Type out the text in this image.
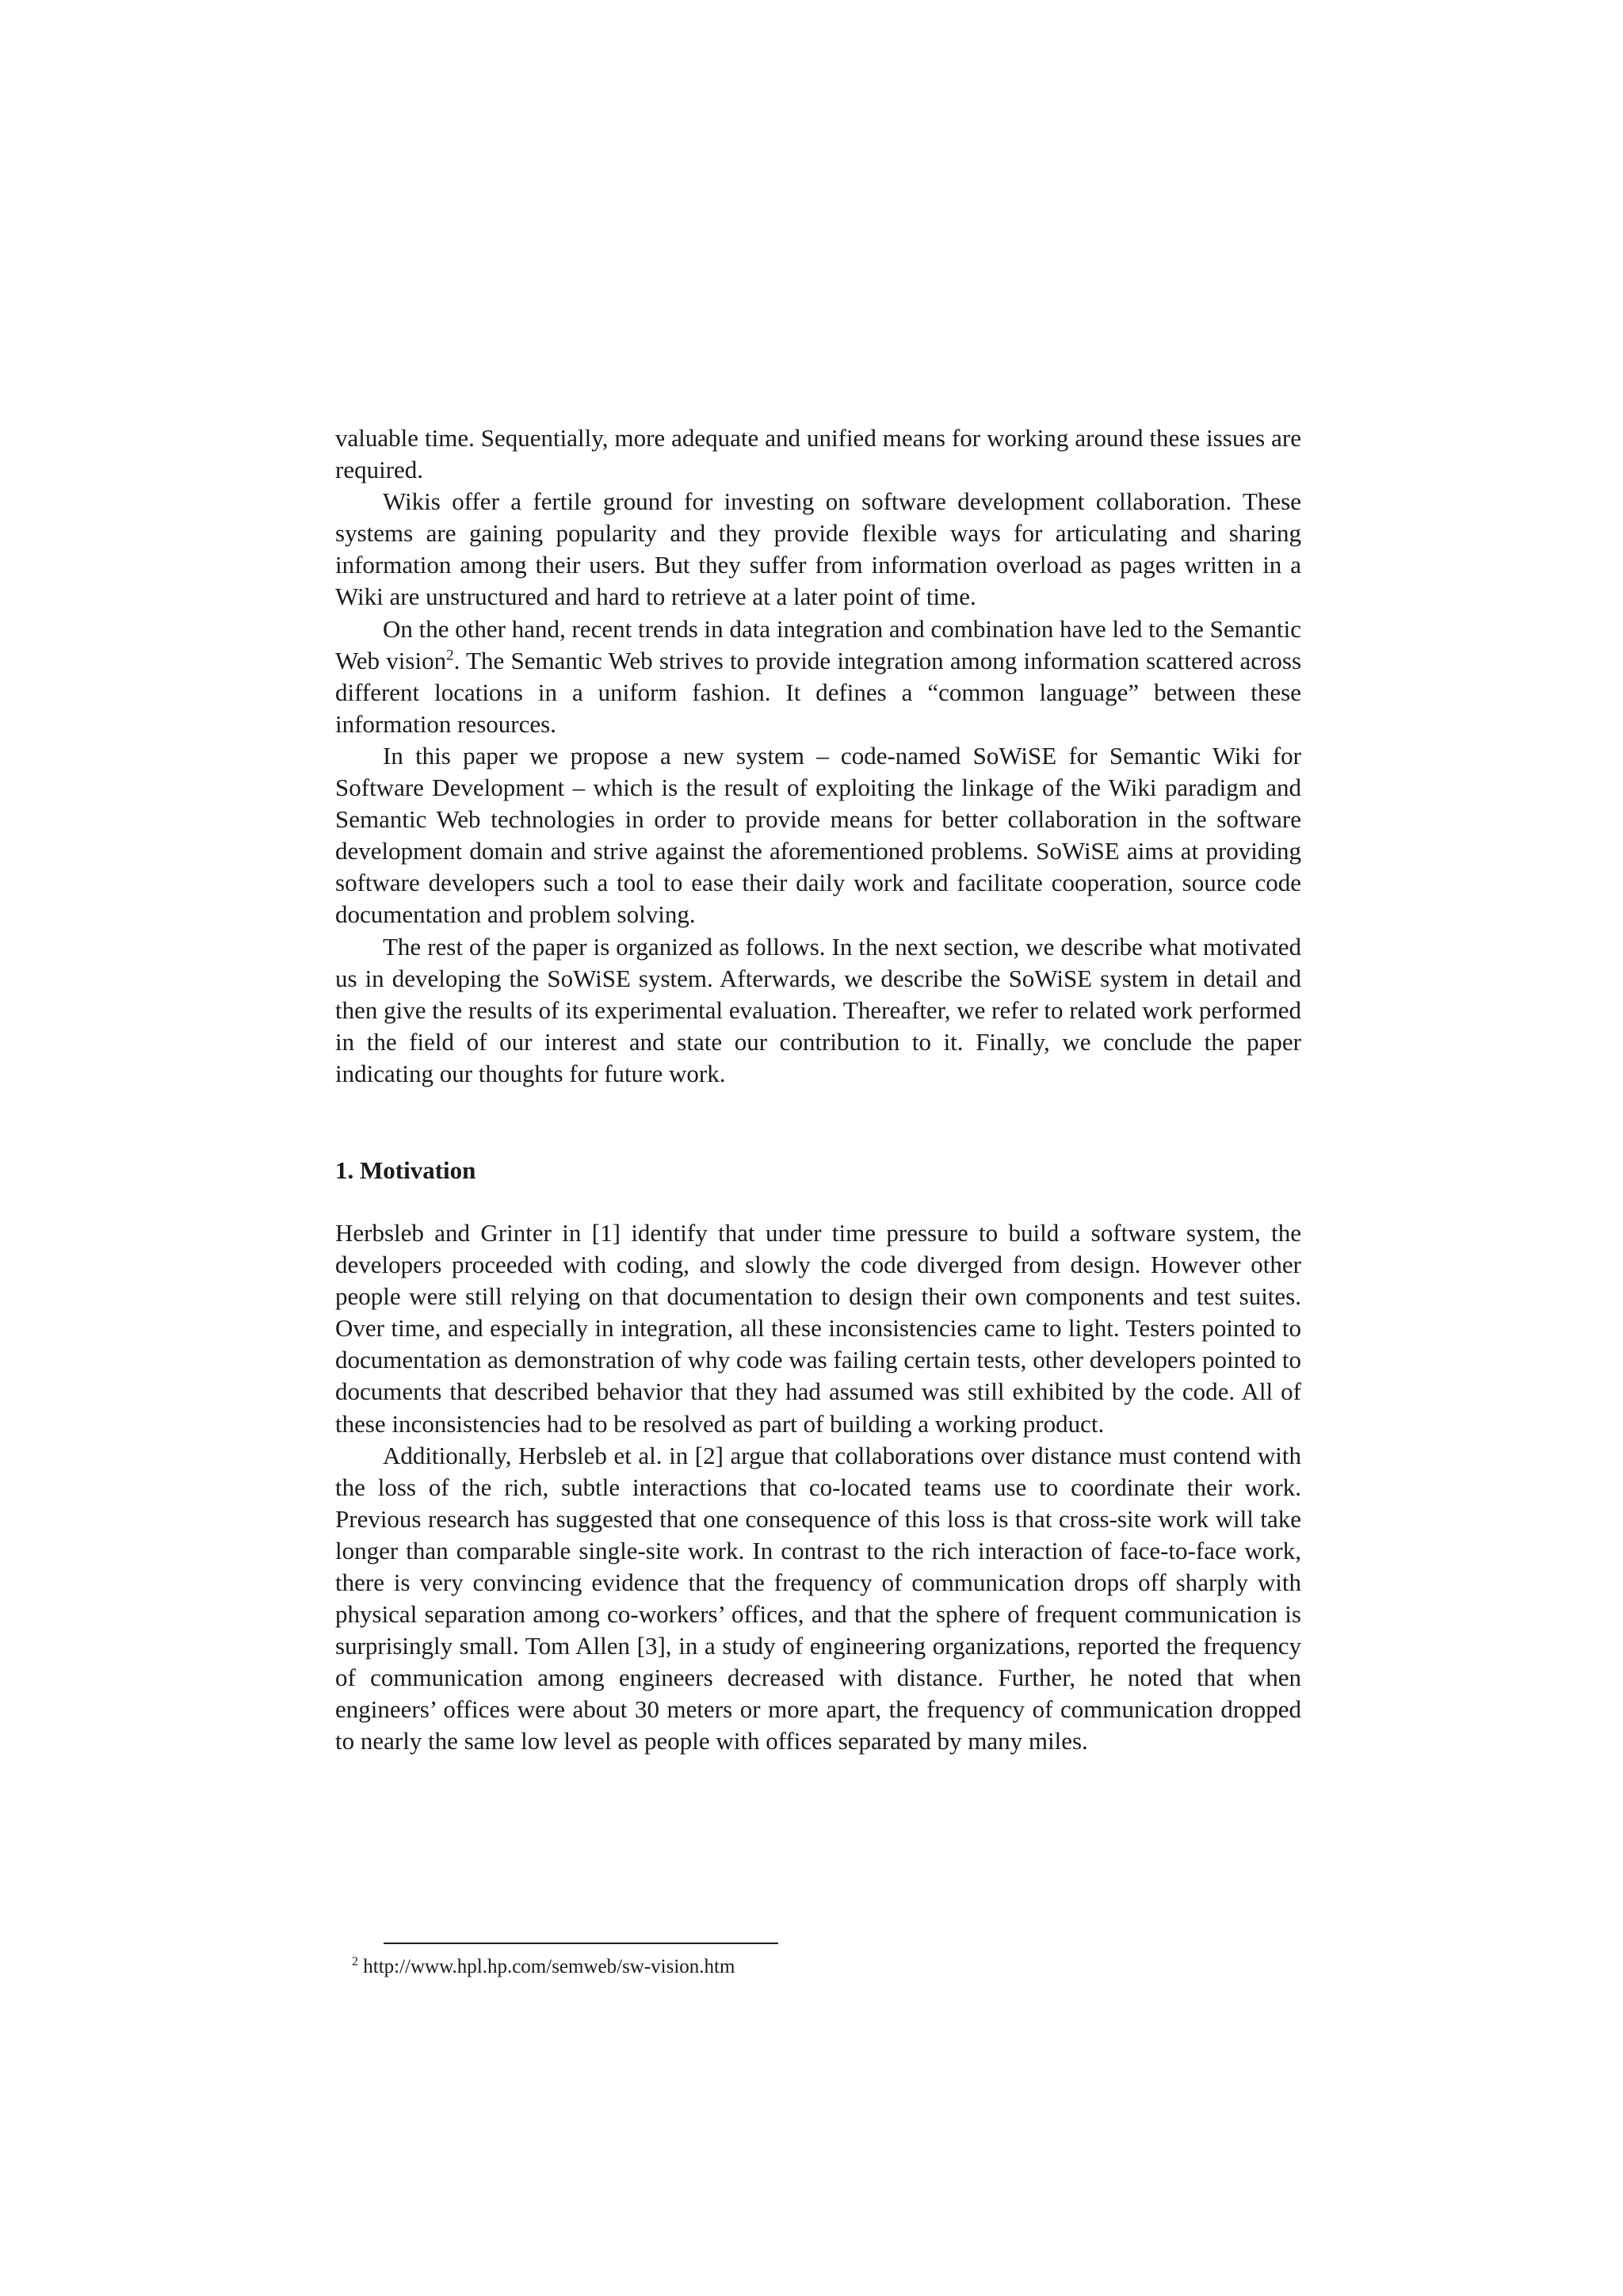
valuable time. Sequentially, more adequate and unified means for working around these issues are required.

Wikis offer a fertile ground for investing on software development collaboration. These systems are gaining popularity and they provide flexible ways for articulating and sharing information among their users. But they suffer from information overload as pages written in a Wiki are unstructured and hard to retrieve at a later point of time.

On the other hand, recent trends in data integration and combination have led to the Semantic Web vision$^2$. The Semantic Web strives to provide integration among information scattered across different locations in a uniform fashion. It defines a “common language” between these information resources.

In this paper we propose a new system – code-named SoWiSE for Semantic Wiki for Software Development – which is the result of exploiting the linkage of the Wiki paradigm and Semantic Web technologies in order to provide means for better collaboration in the software development domain and strive against the aforementioned problems. SoWiSE aims at providing software developers such a tool to ease their daily work and facilitate cooperation, source code documentation and problem solving.

The rest of the paper is organized as follows. In the next section, we describe what motivated us in developing the SoWiSE system. Afterwards, we describe the SoWiSE system in detail and then give the results of its experimental evaluation. Thereafter, we refer to related work performed in the field of our interest and state our contribution to it. Finally, we conclude the paper indicating our thoughts for future work.

1. Motivation

Herbsleb and Grinter in [1] identify that under time pressure to build a software system, the developers proceeded with coding, and slowly the code diverged from design. However other people were still relying on that documentation to design their own components and test suites. Over time, and especially in integration, all these inconsistencies came to light. Testers pointed to documentation as demonstration of why code was failing certain tests, other developers pointed to documents that described behavior that they had assumed was still exhibited by the code. All of these inconsistencies had to be resolved as part of building a working product.

Additionally, Herbsleb et al. in [2] argue that collaborations over distance must contend with the loss of the rich, subtle interactions that co-located teams use to coordinate their work. Previous research has suggested that one consequence of this loss is that cross-site work will take longer than comparable single-site work. In contrast to the rich interaction of face-to-face work, there is very convincing evidence that the frequency of communication drops off sharply with physical separation among co-workers’ offices, and that the sphere of frequent communication is surprisingly small. Tom Allen [3], in a study of engineering organizations, reported the frequency of communication among engineers decreased with distance. Further, he noted that when engineers’ offices were about 30 meters or more apart, the frequency of communication dropped to nearly the same low level as people with offices separated by many miles.

$^2$ http://www.hpl.hp.com/semweb/sw-vision.htm
